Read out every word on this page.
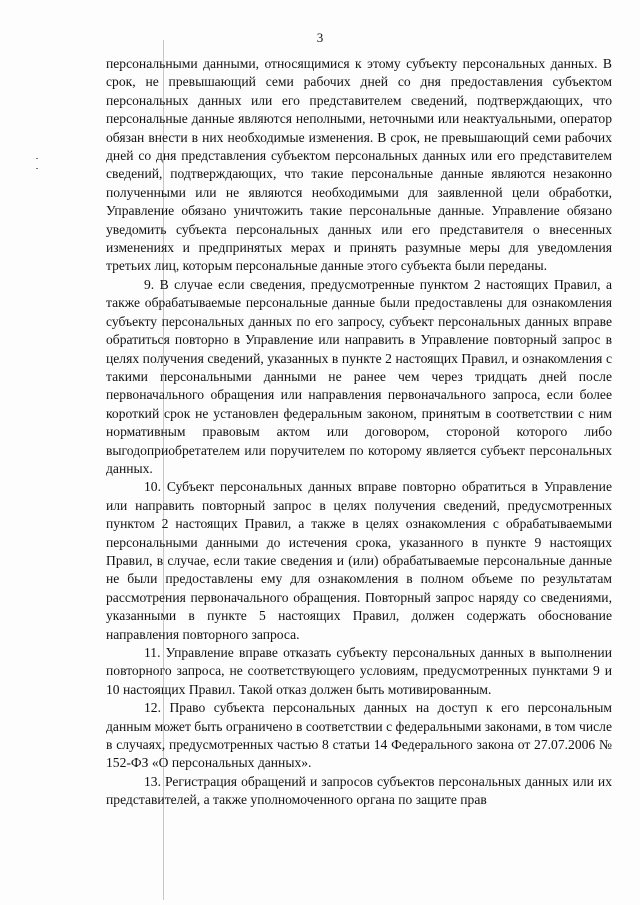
3

персональными данными, относящимися к этому субъекту персональных данных. В срок, не превышающий семи рабочих дней со дня предоставления субъектом персональных данных или его представителем сведений, подтверждающих, что персональные данные являются неполными, неточными или неактуальными, оператор обязан внести в них необходимые изменения. В срок, не превышающий семи рабочих дней со дня представления субъектом персональных данных или его представителем сведений, подтверждающих, что такие персональные данные являются незаконно полученными или не являются необходимыми для заявленной цели обработки, Управление обязано уничтожить такие персональные данные. Управление обязано уведомить субъекта персональных данных или его представителя о внесенных изменениях и предпринятых мерах и принять разумные меры для уведомления третьих лиц, которым персональные данные этого субъекта были переданы.

9. В случае если сведения, предусмотренные пунктом 2 настоящих Правил, а также обрабатываемые персональные данные были предоставлены для ознакомления субъекту персональных данных по его запросу, субъект персональных данных вправе обратиться повторно в Управление или направить в Управление повторный запрос в целях получения сведений, указанных в пункте 2 настоящих Правил, и ознакомления с такими персональными данными не ранее чем через тридцать дней после первоначального обращения или направления первоначального запроса, если более короткий срок не установлен федеральным законом, принятым в соответствии с ним нормативным правовым актом или договором, стороной которого либо выгодоприобретателем или поручителем по которому является субъект персональных данных.

10. Субъект персональных данных вправе повторно обратиться в Управление или направить повторный запрос в целях получения сведений, предусмотренных пунктом 2 настоящих Правил, а также в целях ознакомления с обрабатываемыми персональными данными до истечения срока, указанного в пункте 9 настоящих Правил, в случае, если такие сведения и (или) обрабатываемые персональные данные не были предоставлены ему для ознакомления в полном объеме по результатам рассмотрения первоначального обращения. Повторный запрос наряду со сведениями, указанными в пункте 5 настоящих Правил, должен содержать обоснование направления повторного запроса.

11. Управление вправе отказать субъекту персональных данных в выполнении повторного запроса, не соответствующего условиям, предусмотренных пунктами 9 и 10 настоящих Правил. Такой отказ должен быть мотивированным.

12. Право субъекта персональных данных на доступ к его персональным данным может быть ограничено в соответствии с федеральными законами, в том числе в случаях, предусмотренных частью 8 статьи 14 Федерального закона от 27.07.2006 № 152-ФЗ «О персональных данных».

13. Регистрация обращений и запросов субъектов персональных данных или их представителей, а также уполномоченного органа по защите прав
